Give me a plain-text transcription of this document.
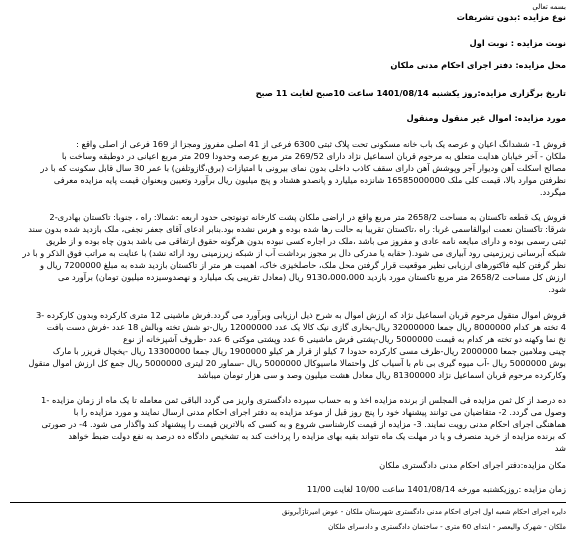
بسمه تعالی
نوع مزایده :بدون تشریفات
نوبت مزایده : نوبت اول
محل مزایده: دفتر اجرای احکام مدنی ملکان
تاریخ برگزاری مزایده:روز یکشنبه 1401/08/14 ساعت 10صبح لغایت 11 صبح
مورد مزایده: اموال غیر منقول ومنقول
فروش 1- ششدانگ اعیان و عرصه یک باب خانه مسکونی تحت پلاک ثبتی 6300 فرعی از 41 اصلی مفروز ومجزا از 169 فرعی از اصلی واقع :
ملکان - آخر خیابان هدایت متعلق به مرحوم قربان اسماعیل نژاد دارای 269/52 متر مربع عرصه وحدودا 209 متر مربع اعیانی در دوطبقه وساخت با
مصالح اسکلت آهن ودیوار آجر وپوشش آهن دارای سقف کاذب داخلی بدون نمای بیرونی با امتیازات (برق،گازوتلفن) با عمر 30 سال قابل سکونت که با در
نظرفتن موارد بالا، قیمت کلی ملک 16585000000 شانزده میلیارد و پانصدو هشتاد و پنج میلیون ریال برآورد وتعیین وبعنوان قیمت پایه مزایده معرفی
میگردد.
فروش یک قطعه تاکستان به مساحت 2658/2 متر مربع واقع در اراضی ملکان پشت کارخانه تونوتجی حدود اربعه :شمالا: راه ، جنوبا: تاکستان بهادری-2
شرقا: تاکستان نعمت ابوالقاسمی غربا: راه ،تاکستان تقریبا به حالت رها شده بوده و هرس نشده بود.بنابر ادعای آقای جعفر نجفی، ملک بازدید شده بدون سند
ثبتی رسمی بوده و دارای مبایعه نامه عادی و مفروز می باشد ،ملک در اجاره کسی نبوده بدون هرگونه حقوق ارتفاقی می باشد بدون چاه بوده و از طریق
شبکه آبرسانی زیرزمینی رود آبیاری می شود.( حقابه یا مدرکی دال بر مجوز برداشت آب از شبکه زیرزمینی رود ارائه نشد) با عنایت به مراتب فوق الذکر و با در
نظر گرفتن کلیه فاکتورهای ارزیابی نظیر موقعیت قرار گرفتن محل ملک، حاصلخیزی خاک، اهمیت هر متر از تاکستان بازدید شده به مبلغ 7200000 ریال و
ارزش کل مساحت 2658/2 متر مربع تاکستان مورد بازدید 9130،000،000 ریال (معادل تقریبی یک میلیارد و نهصدوسیزده میلیون تومان) برآورد می
شود.
فروش اموال منقول مرحوم قربان اسماعیل نژاد که ارزش اموال به شرح ذیل ارزیابی وبرآورد می گردد.فرش ماشینی 12 متری کارکرده وبدون کارکرده -3
4 تخته هر کدام 8000000 ریال جمعا 32000000 ریال-بخاری گازی نیک کالا یک عدد 12000000 ریال-تو شش تخته وبالش 18 عدد -فرش دست بافت
نخ نما وکهنه دو تخته هر کدام به قیمت 5000000 ریال-پشتی فرش ماشینی 6 عدد وپشتی موکتی 6 عدد -ظروف آشپزخانه از نوع
چینی وملامین جمعا 2000000 ریال-ظرف مسی کارکرده حدودا 7 کیلو از قرار هر کیلو 1900000 ریال جمعا 13300000 ریال -یخچال فریزر با مارک
بوش 5000000 ریال -آب میوه گیری بی نام با آسیاب کل واحتمالا ماسیوکال 5000000 ریال -سماور 20 لیتری 5000000 ریال جمع کل ارزش اموال منقول
وکارکرده مرحوم قربان اسماعیل نژاد 81300000 ریال معادل هشت میلیون وصد و سی هزار تومان میباشد
ده درصد از کل ثمن مزایده فی المجلس از برنده مزایده اخذ و به حساب سپرده دادگستری واریز می گردد الباقی ثمن معامله تا یک ماه از زمان مزایده -1
وصول می گردد. 2- متقاضیان می توانند پیشنهاد خود را پنج روز قبل از موعد مزایده به دفتر اجرای احکام مدنی ارسال نمایند و مورد مزایده را با
هماهنگی اجرای احکام مدنی رویت نمایند. 3- مزایده از قیمت کارشناسی شروع و به کسی که بالاترین قیمت را پیشنهاد کند واگذار می شود. 4- در صورتی
که برنده مزایده از خرید منصرف و یا در مهلت یک ماه نتواند بقیه بهای مزایده را پرداخت کند به تشخیص دادگاه ده درصد به نفع دولت ضبط خواهد
شد
مکان مزایده:دفتر اجرای احکام مدنی دادگستری ملکان
زمان مزایده :روزیکشنبه مورخه 1401/08/14 ساعت 10/00 لغایت 11/00
دایره اجرای احکام شعبه اول اجرای احکام مدنی دادگستری شهرستان ملکان - عوض امیرتاژآبرونق
ملکان - شهرک والیعصر - ابتدای 60 متری - ساختمان دادگستری و دادسرای ملکان
